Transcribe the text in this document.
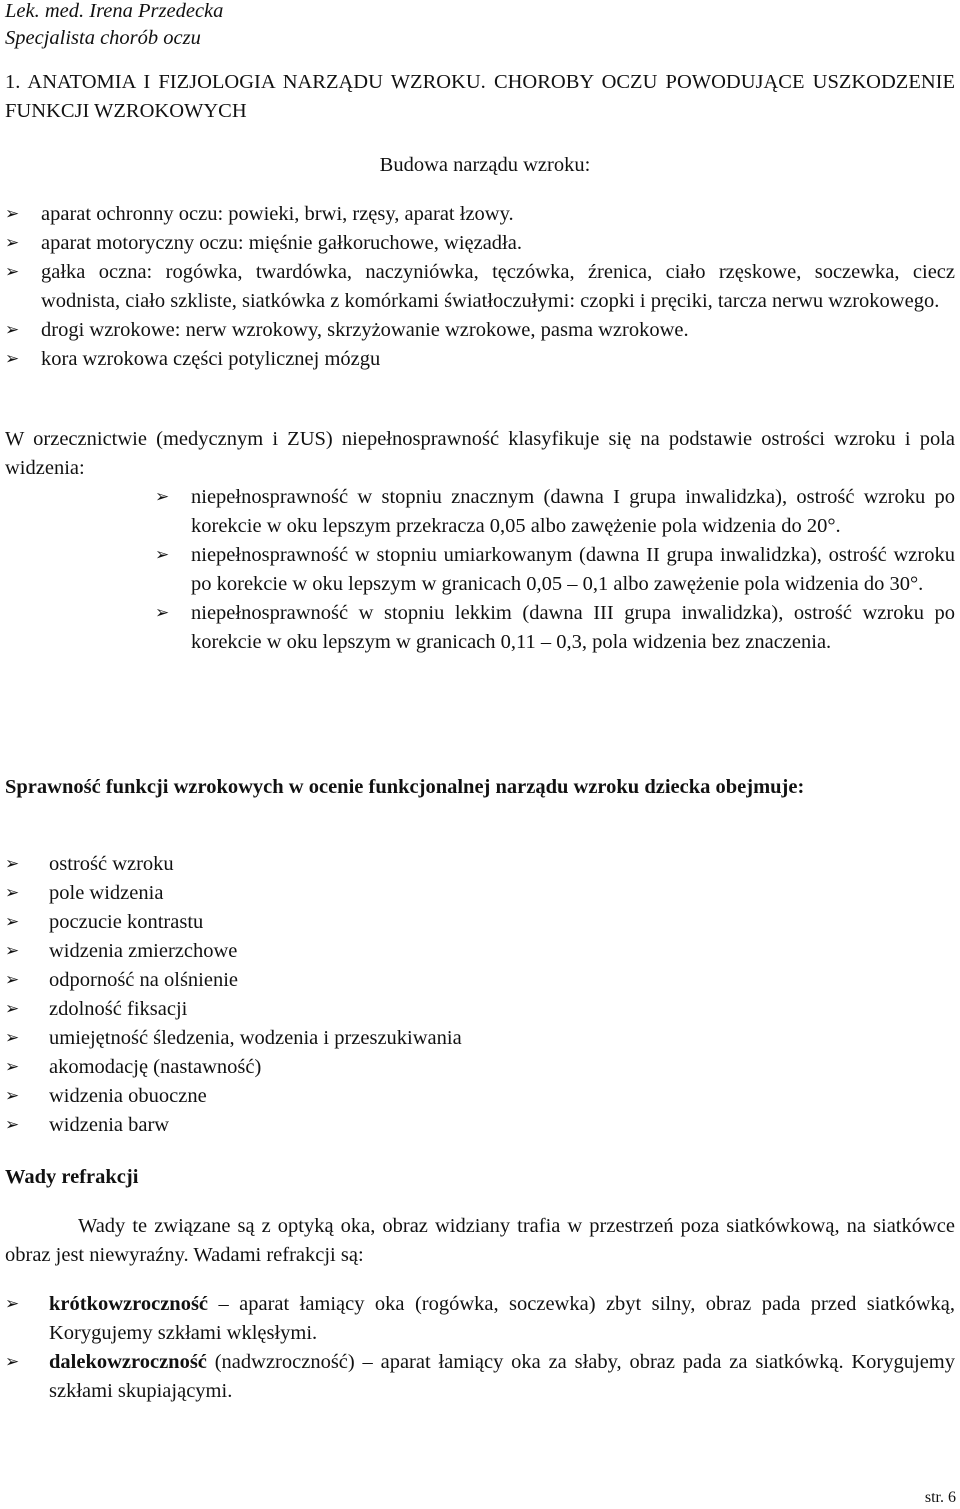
Lek. med. Irena Przedecka
Specjalista chorób oczu
1. ANATOMIA I FIZJOLOGIA NARZĄDU WZROKU. CHOROBY OCZU POWODUJĄCE USZKODZENIE FUNKCJI WZROKOWYCH
Budowa narządu wzroku:
➢	aparat ochronny oczu: powieki, brwi, rzęsy, aparat łzowy.
➢	aparat motoryczny oczu: mięśnie gałkoruchowe, więzadła.
➢	gałka oczna: rogówka, twardówka, naczyniówka, tęczówka, źrenica, ciało rzęskowe, soczewka, ciecz wodnista, ciało szkliste, siatkówka z komórkami światłoczułymi: czopki i pręciki, tarcza nerwu wzrokowego.
➢	drogi wzrokowe: nerw wzrokowy, skrzyżowanie wzrokowe, pasma wzrokowe.
➢	kora wzrokowa części potylicznej mózgu
W orzecznictwie (medycznym i ZUS) niepełnosprawność klasyfikuje się na podstawie ostrości wzroku i pola widzenia:
➢	niepełnosprawność w stopniu znacznym (dawna I grupa inwalidzka), ostrość wzroku po korekcie w oku lepszym przekracza 0,05 albo zawężenie pola widzenia do 20°.
➢	niepełnosprawność w stopniu umiarkowanym (dawna II grupa inwalidzka), ostrość wzroku po korekcie w oku lepszym w granicach 0,05 – 0,1 albo zawężenie pola widzenia do 30°.
➢	niepełnosprawność w stopniu lekkim (dawna III grupa inwalidzka), ostrość wzroku po korekcie w oku lepszym w granicach 0,11 – 0,3, pola widzenia bez znaczenia.
Sprawność funkcji wzrokowych w ocenie funkcjonalnej narządu wzroku dziecka obejmuje:
➢	ostrość wzroku
➢	pole widzenia
➢	poczucie kontrastu
➢	widzenia zmierzchowe
➢	odporność na olśnienie
➢	zdolność fiksacji
➢	umiejętność śledzenia, wodzenia i przeszukiwania
➢	akomodację (nastawność)
➢	widzenia obuoczne
➢	widzenia barw
Wady refrakcji
Wady te związane są z optyką oka, obraz widziany trafia w przestrzeń poza siatkówkową, na siatkówce obraz jest niewyraźny. Wadami refrakcji są:
➢	krótkowzroczność – aparat łamiący oka (rogówka, soczewka) zbyt silny, obraz pada przed siatkówką, Korygujemy szkłami wklęsłymi.
➢	dalekowzroczność (nadwzroczność) – aparat łamiący oka za słaby, obraz pada za siatkówką. Korygujemy szkłami skupiającymi.
str. 6
